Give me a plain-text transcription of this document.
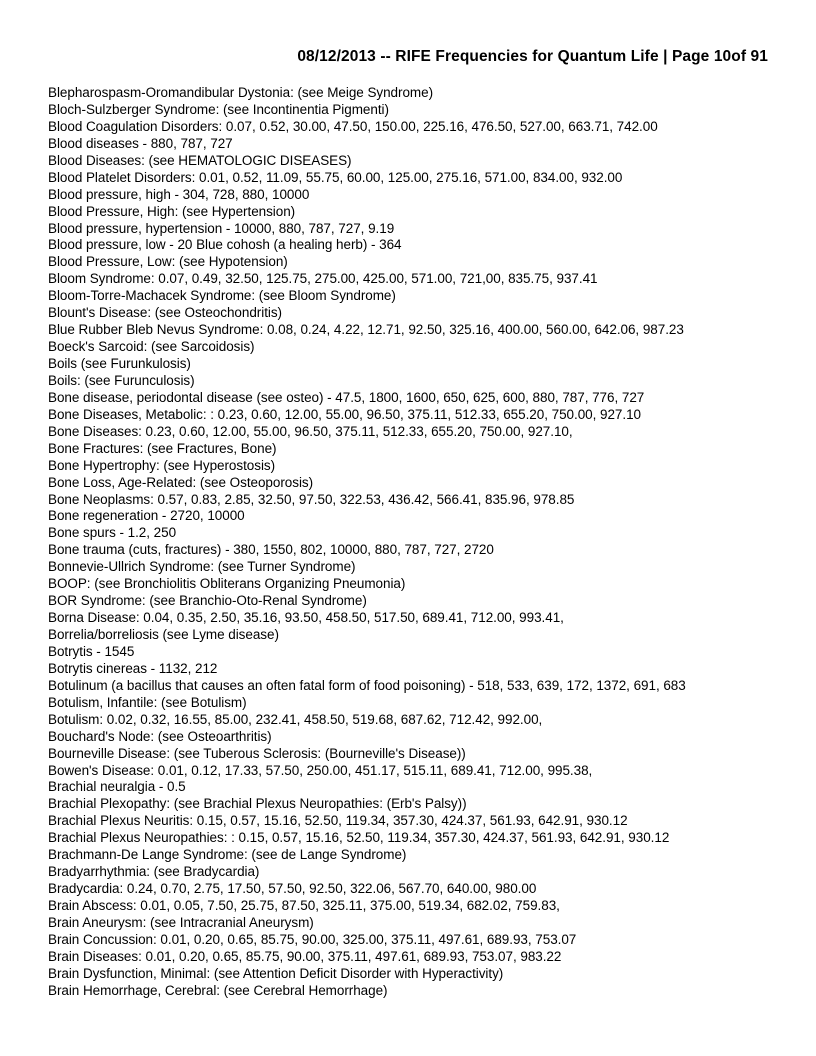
08/12/2013 -- RIFE Frequencies for Quantum Life | Page 10of 91
Blepharospasm-Oromandibular Dystonia: (see Meige Syndrome)
Bloch-Sulzberger Syndrome: (see Incontinentia Pigmenti)
Blood Coagulation Disorders: 0.07, 0.52, 30.00, 47.50, 150.00, 225.16, 476.50, 527.00, 663.71, 742.00
Blood diseases - 880, 787, 727
Blood Diseases: (see HEMATOLOGIC DISEASES)
Blood Platelet Disorders: 0.01, 0.52, 11.09, 55.75, 60.00, 125.00, 275.16, 571.00, 834.00, 932.00
Blood pressure, high - 304, 728, 880, 10000
Blood Pressure, High: (see Hypertension)
Blood pressure, hypertension - 10000, 880, 787, 727, 9.19
Blood pressure, low - 20 Blue cohosh (a healing herb) - 364
Blood Pressure, Low: (see Hypotension)
Bloom Syndrome: 0.07, 0.49, 32.50, 125.75, 275.00, 425.00, 571.00, 721,00, 835.75, 937.41
Bloom-Torre-Machacek Syndrome: (see Bloom Syndrome)
Blount's Disease: (see Osteochondritis)
Blue Rubber Bleb Nevus Syndrome: 0.08, 0.24, 4.22, 12.71, 92.50, 325.16, 400.00, 560.00, 642.06, 987.23
Boeck's Sarcoid: (see Sarcoidosis)
Boils (see Furunkulosis)
Boils: (see Furunculosis)
Bone disease, periodontal disease (see osteo) - 47.5, 1800, 1600, 650, 625, 600, 880, 787, 776, 727
Bone Diseases, Metabolic: : 0.23, 0.60, 12.00, 55.00, 96.50, 375.11, 512.33, 655.20, 750.00, 927.10
Bone Diseases: 0.23, 0.60, 12.00, 55.00, 96.50, 375.11, 512.33, 655.20, 750.00, 927.10,
Bone Fractures: (see Fractures, Bone)
Bone Hypertrophy: (see Hyperostosis)
Bone Loss, Age-Related: (see Osteoporosis)
Bone Neoplasms: 0.57, 0.83, 2.85, 32.50, 97.50, 322.53, 436.42, 566.41, 835.96, 978.85
Bone regeneration - 2720, 10000
Bone spurs - 1.2, 250
Bone trauma (cuts, fractures) - 380, 1550, 802, 10000, 880, 787, 727, 2720
Bonnevie-Ullrich Syndrome: (see Turner Syndrome)
BOOP: (see Bronchiolitis Obliterans Organizing Pneumonia)
BOR Syndrome: (see Branchio-Oto-Renal Syndrome)
Borna Disease: 0.04, 0.35, 2.50, 35.16, 93.50, 458.50, 517.50, 689.41, 712.00, 993.41,
Borrelia/borreliosis (see Lyme disease)
Botrytis - 1545
Botrytis cinereas - 1132, 212
Botulinum (a bacillus that causes an often fatal form of food poisoning) - 518, 533, 639, 172, 1372, 691, 683
Botulism, Infantile: (see Botulism)
Botulism: 0.02, 0.32, 16.55, 85.00, 232.41, 458.50, 519.68, 687.62, 712.42, 992.00,
Bouchard's Node: (see Osteoarthritis)
Bourneville Disease: (see Tuberous Sclerosis: (Bourneville's Disease))
Bowen's Disease: 0.01, 0.12, 17.33, 57.50, 250.00, 451.17, 515.11, 689.41, 712.00, 995.38,
Brachial neuralgia - 0.5
Brachial Plexopathy: (see Brachial Plexus Neuropathies: (Erb's Palsy))
Brachial Plexus Neuritis: 0.15, 0.57, 15.16, 52.50, 119.34, 357.30, 424.37, 561.93, 642.91, 930.12
Brachial Plexus Neuropathies: : 0.15, 0.57, 15.16, 52.50, 119.34, 357.30, 424.37, 561.93, 642.91, 930.12
Brachmann-De Lange Syndrome: (see de Lange Syndrome)
Bradyarrhythmia: (see Bradycardia)
Bradycardia: 0.24, 0.70, 2.75, 17.50, 57.50, 92.50, 322.06, 567.70, 640.00, 980.00
Brain Abscess: 0.01, 0.05, 7.50, 25.75, 87.50, 325.11, 375.00, 519.34, 682.02, 759.83,
Brain Aneurysm: (see Intracranial Aneurysm)
Brain Concussion: 0.01, 0.20, 0.65, 85.75, 90.00, 325.00, 375.11, 497.61, 689.93, 753.07
Brain Diseases: 0.01, 0.20, 0.65, 85.75, 90.00, 375.11, 497.61, 689.93, 753.07, 983.22
Brain Dysfunction, Minimal: (see Attention Deficit Disorder with Hyperactivity)
Brain Hemorrhage, Cerebral: (see Cerebral Hemorrhage)
